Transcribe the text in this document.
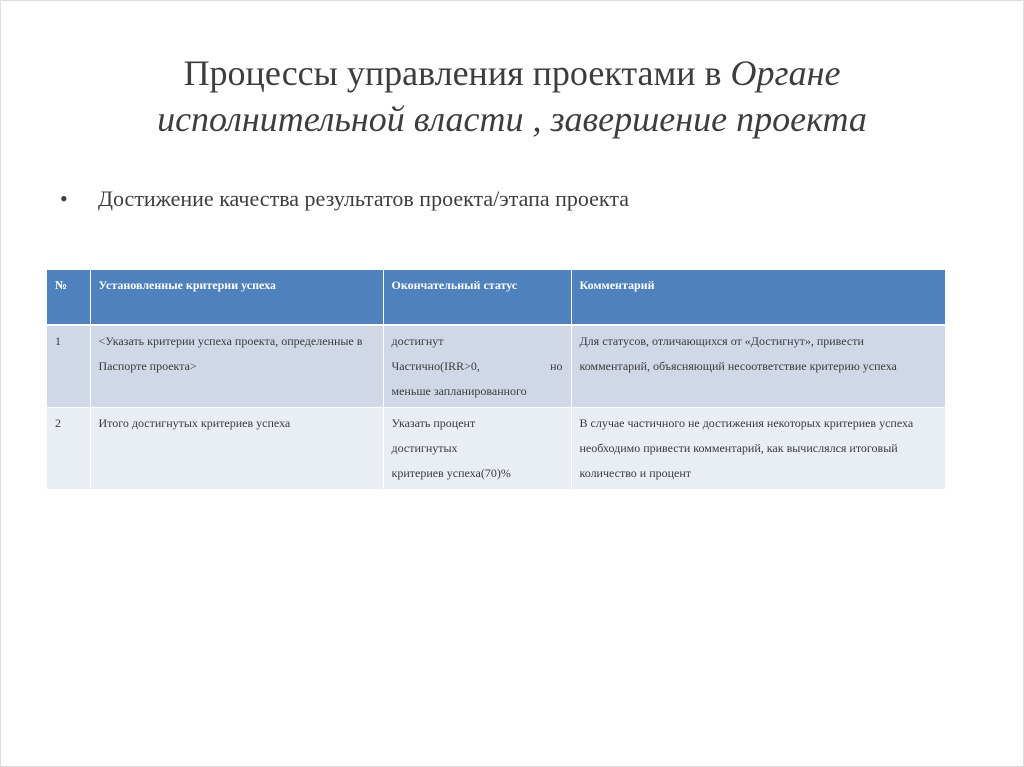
Процессы управления проектами в Органе
исполнительной власти , завершение проекта
• Достижение качества результатов проекта/этапа проекта
№	Установленные критерии успеха	Окончательный статус	Комментарий
1	<Указать критерии успеха проекта, определенные в Паспорте проекта>	достигнут
Частично(IRR>0, но
меньше запланированного	Для статусов, отличающихся от «Достигнут», привести комментарий, объясняющий несоответствие критерию успеха
2	Итого достигнутых критериев успеха	Указать процент
достигнутых
критериев успеха(70)%	В случае частичного не достижения некоторых критериев успеха необходимо привести комментарий, как вычислялся итоговый количество и процент
